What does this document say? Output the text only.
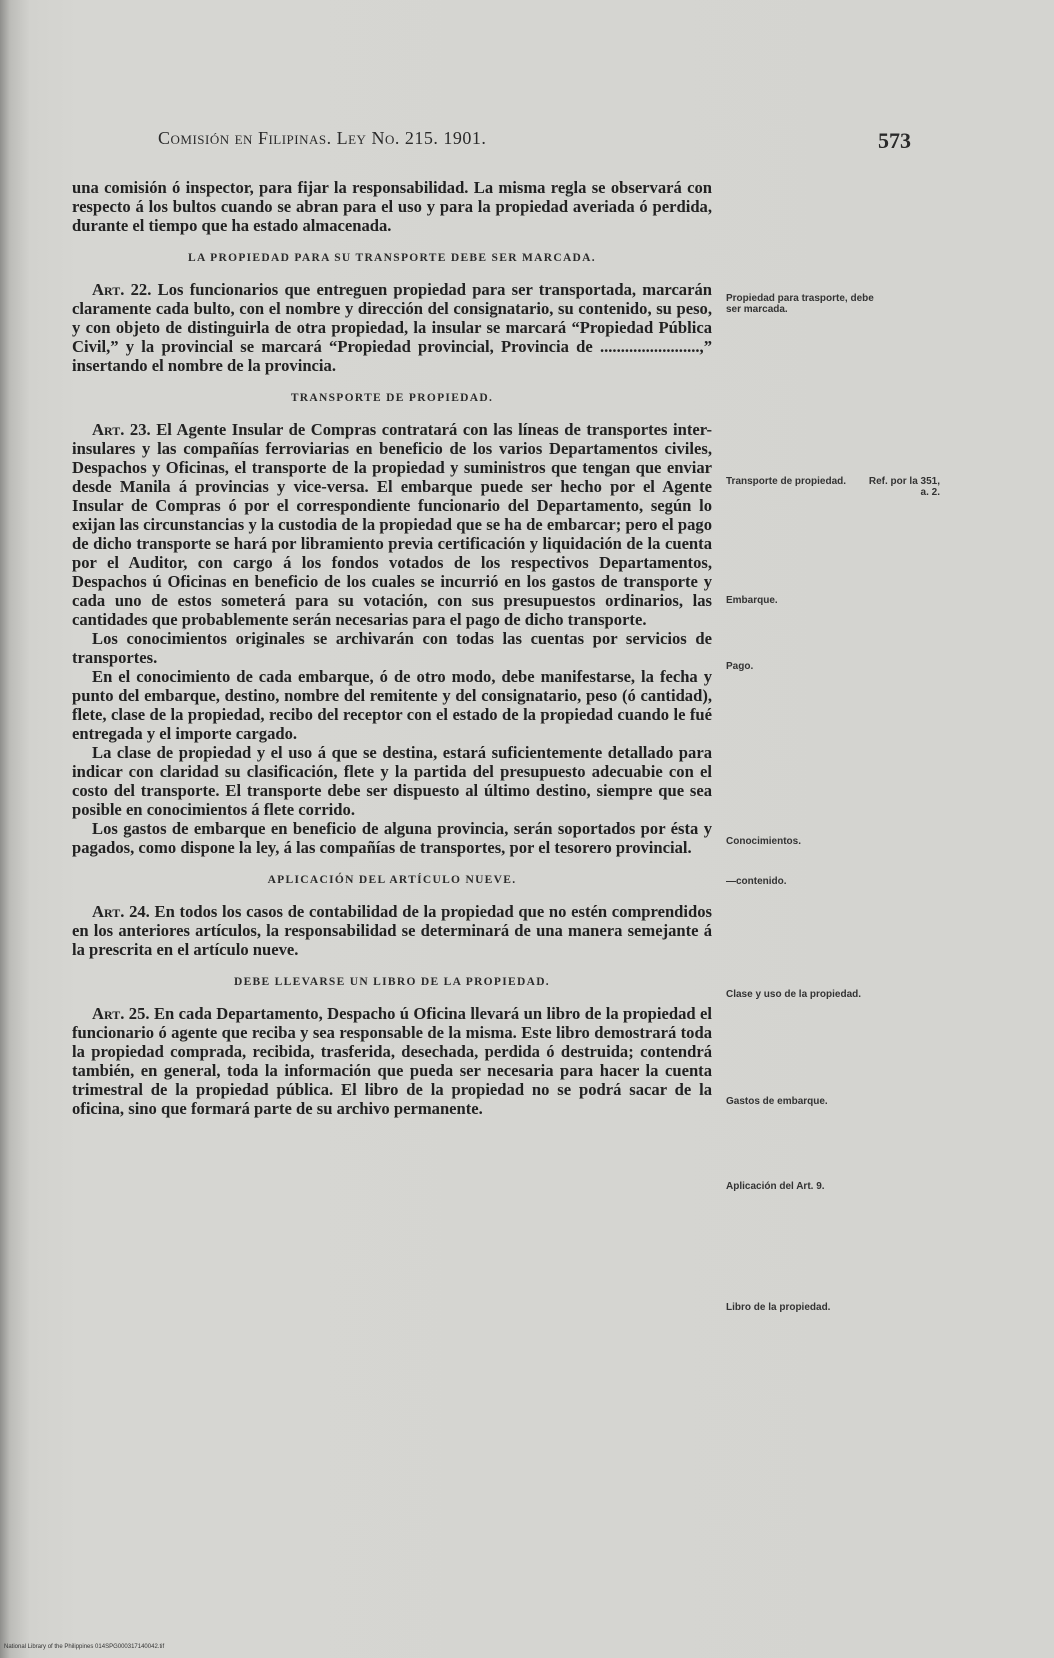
Comisión en Filipinas. Ley No. 215. 1901.	573

una comisión ó inspector, para fijar la responsabilidad. La misma regla se observará con respecto á los bultos cuando se abran para el uso y para la propiedad averiada ó perdida, durante el tiempo que ha estado almacenada.

LA PROPIEDAD PARA SU TRANSPORTE DEBE SER MARCADA.

Art. 22. Los funcionarios que entreguen propiedad para ser transportada, marcarán claramente cada bulto, con el nombre y dirección del consignatario, su contenido, su peso, y con objeto de distinguirla de otra propiedad, la insular se marcará “Propiedad Pública Civil,” y la provincial se marcará “Propiedad provincial, Provincia de ........................,” insertando el nombre de la provincia.

TRANSPORTE DE PROPIEDAD.

Art. 23. El Agente Insular de Compras contratará con las líneas de transportes inter-insulares y las compañías ferroviarias en beneficio de los varios Departamentos civiles, Despachos y Oficinas, el transporte de la propiedad y suministros que tengan que enviar desde Manila á provincias y vice-versa. El embarque puede ser hecho por el Agente Insular de Compras ó por el correspondiente funcionario del Departamento, según lo exijan las circunstancias y la custodia de la propiedad que se ha de embarcar; pero el pago de dicho transporte se hará por libramiento previa certificación y liquidación de la cuenta por el Auditor, con cargo á los fondos votados de los respectivos Departamentos, Despachos ú Oficinas en beneficio de los cuales se incurrió en los gastos de transporte y cada uno de estos someterá para su votación, con sus presupuestos ordinarios, las cantidades que probablemente serán necesarias para el pago de dicho transporte.

Los conocimientos originales se archivarán con todas las cuentas por servicios de transportes.

En el conocimiento de cada embarque, ó de otro modo, debe manifestarse, la fecha y punto del embarque, destino, nombre del remitente y del consignatario, peso (ó cantidad), flete, clase de la propiedad, recibo del receptor con el estado de la propiedad cuando le fué entregada y el importe cargado.

La clase de propiedad y el uso á que se destina, estará suficientemente detallado para indicar con claridad su clasificación, flete y la partida del presupuesto adecuabie con el costo del transporte. El transporte debe ser dispuesto al último destino, siempre que sea posible en conocimientos á flete corrido.

Los gastos de embarque en beneficio de alguna provincia, serán soportados por ésta y pagados, como dispone la ley, á las compañías de transportes, por el tesorero provincial.

APLICACIÓN DEL ARTÍCULO NUEVE.

Art. 24. En todos los casos de contabilidad de la propiedad que no estén comprendidos en los anteriores artículos, la responsabilidad se determinará de una manera semejante á la prescrita en el artículo nueve.

DEBE LLEVARSE UN LIBRO DE LA PROPIEDAD.

Art. 25. En cada Departamento, Despacho ú Oficina llevará un libro de la propiedad el funcionario ó agente que reciba y sea responsable de la misma. Este libro demostrará toda la propiedad comprada, recibida, trasferida, desechada, perdida ó destruida; contendrá también, en general, toda la información que pueda ser necesaria para hacer la cuenta trimestral de la propiedad pública. El libro de la propiedad no se podrá sacar de la oficina, sino que formará parte de su archivo permanente.

Propiedad para trasporte, debe ser marcada.
Transporte de propiedad.	Ref. por la 351, a. 2.
Embarque.
Pago.
Conocimientos.
—contenido.
Clase y uso de la propiedad.
Gastos de embarque.
Aplicación del Art. 9.
Libro de la propiedad.
National Library of the Philippines 014SPG000317140042.tif
